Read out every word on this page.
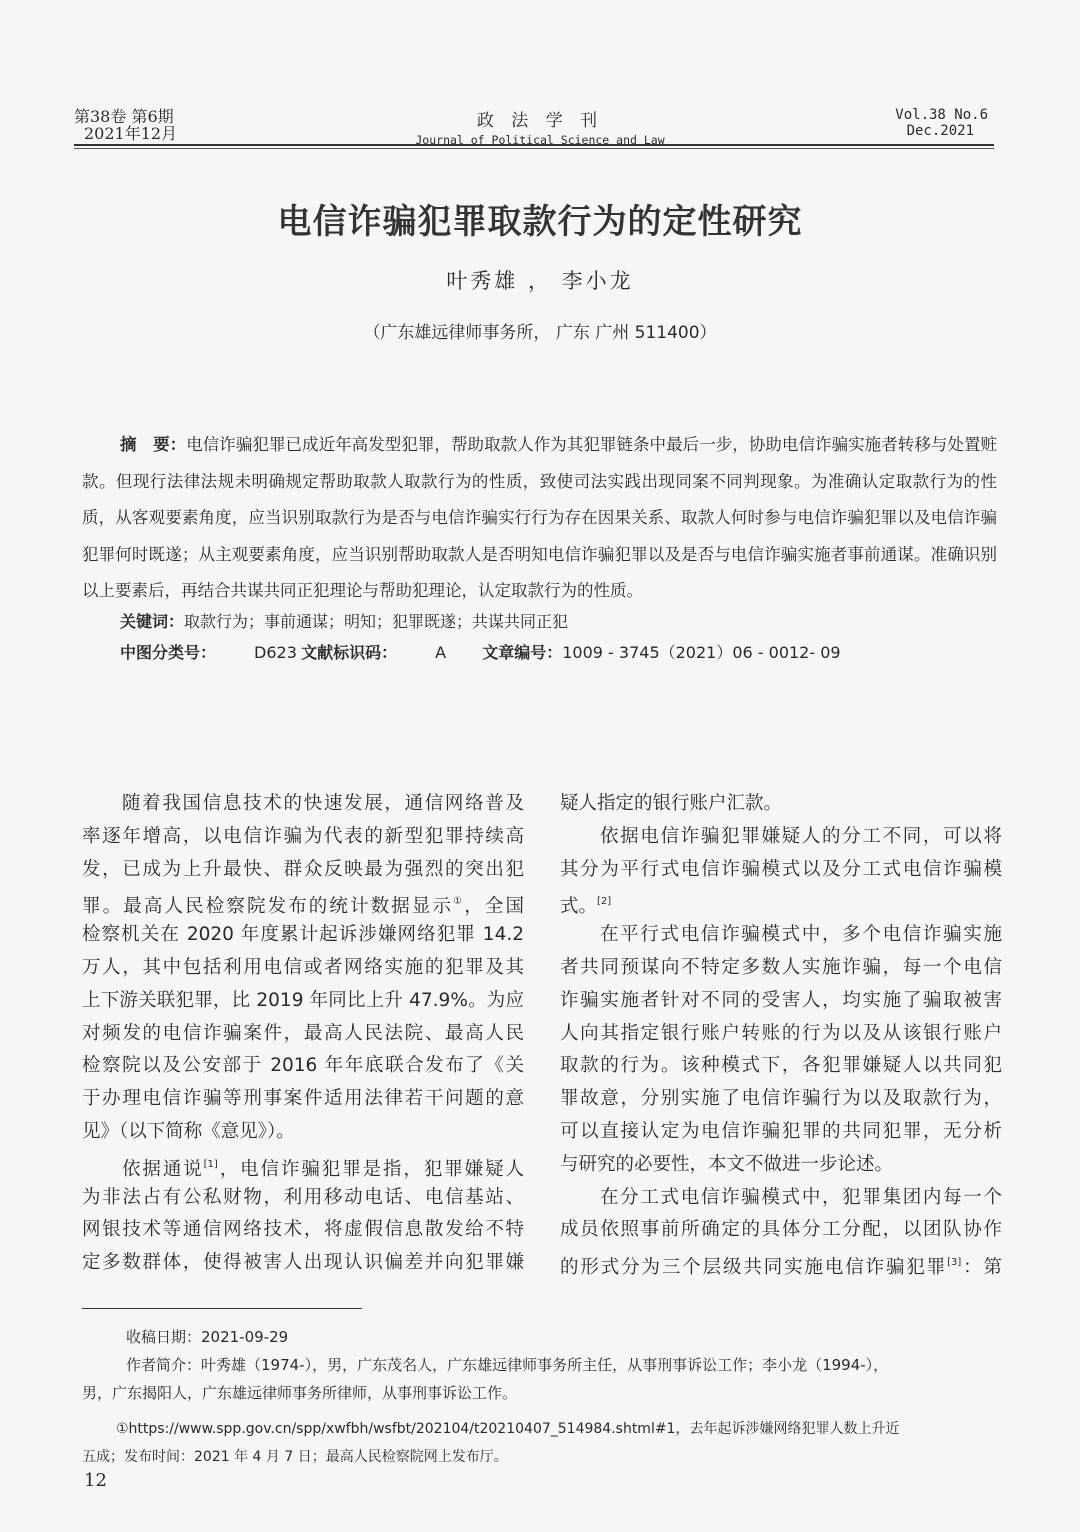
第38卷 第6期
2021年12月
政 法 学 刊
Journal of Political Science and Law
Vol.38 No.6
Dec.2021
电信诈骗犯罪取款行为的定性研究
叶秀雄 ， 李小龙
（广东雄远律师事务所， 广东 广州 511400）
摘　要：电信诈骗犯罪已成近年高发型犯罪，帮助取款人作为其犯罪链条中最后一步，协助电信诈骗实施者转移与处置赃款。但现行法律法规未明确规定帮助取款人取款行为的性质，致使司法实践出现同案不同判现象。为准确认定取款行为的性质，从客观要素角度，应当识别取款行为是否与电信诈骗实行行为存在因果关系、取款人何时参与电信诈骗犯罪以及电信诈骗犯罪何时既遂；从主观要素角度，应当识别帮助取款人是否明知电信诈骗犯罪以及是否与电信诈骗实施者事前通谋。准确识别以上要素后，再结合共谋共同正犯理论与帮助犯理论，认定取款行为的性质。
关键词：取款行为；事前通谋；明知；犯罪既遂；共谋共同正犯
中图分类号： D623 文献标识码： A 文章编号：1009 - 3745（2021）06 - 0012- 09
随着我国信息技术的快速发展，通信网络普及
率逐年增高，以电信诈骗为代表的新型犯罪持续高
发，已成为上升最快、群众反映最为强烈的突出犯
罪。最高人民检察院发布的统计数据显示①，全国
检察机关在 2020 年度累计起诉涉嫌网络犯罪 14.2
万人，其中包括利用电信或者网络实施的犯罪及其
上下游关联犯罪，比 2019 年同比上升 47.9%。为应
对频发的电信诈骗案件，最高人民法院、最高人民
检察院以及公安部于 2016 年年底联合发布了《关
于办理电信诈骗等刑事案件适用法律若干问题的意
见》（以下简称《意见》）。
依据通说[1]，电信诈骗犯罪是指，犯罪嫌疑人
为非法占有公私财物，利用移动电话、电信基站、
网银技术等通信网络技术，将虚假信息散发给不特
定多数群体，使得被害人出现认识偏差并向犯罪嫌
疑人指定的银行账户汇款。
依据电信诈骗犯罪嫌疑人的分工不同，可以将
其分为平行式电信诈骗模式以及分工式电信诈骗模
式。[2]
在平行式电信诈骗模式中，多个电信诈骗实施
者共同预谋向不特定多数人实施诈骗，每一个电信
诈骗实施者针对不同的受害人，均实施了骗取被害
人向其指定银行账户转账的行为以及从该银行账户
取款的行为。该种模式下，各犯罪嫌疑人以共同犯
罪故意，分别实施了电信诈骗行为以及取款行为，
可以直接认定为电信诈骗犯罪的共同犯罪，无分析
与研究的必要性，本文不做进一步论述。
在分工式电信诈骗模式中，犯罪集团内每一个
成员依照事前所确定的具体分工分配，以团队协作
的形式分为三个层级共同实施电信诈骗犯罪[3]：第
收稿日期：2021-09-29
作者简介：叶秀雄（1974-），男，广东茂名人，广东雄远律师事务所主任，从事刑事诉讼工作；李小龙（1994-），
男，广东揭阳人，广东雄远律师事务所律师，从事刑事诉讼工作。
①https://www.spp.gov.cn/spp/xwfbh/wsfbt/202104/t20210407_514984.shtml#1，去年起诉涉嫌网络犯罪人数上升近
五成；发布时间：2021 年 4 月 7 日；最高人民检察院网上发布厅。
12
